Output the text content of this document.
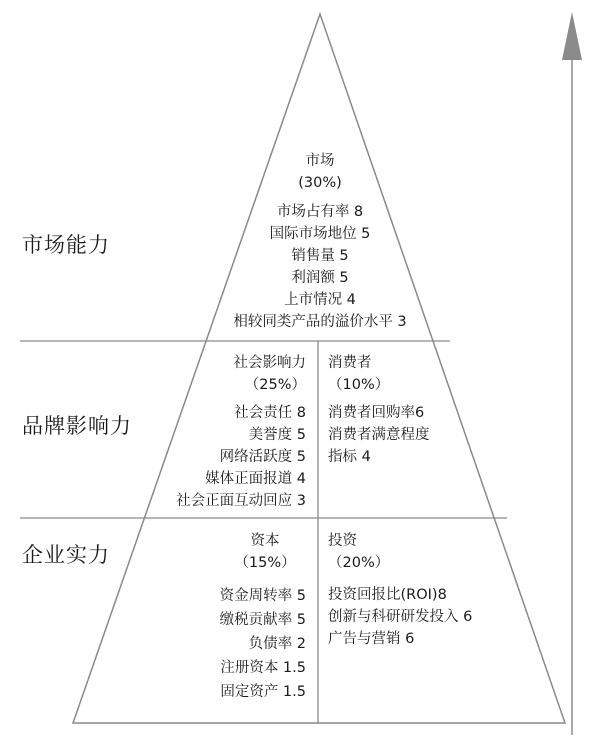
市场能力
品牌影响力
企业实力
市场
(30%)
市场占有率 8
国际市场地位 5
销售量 5
利润额 5
上市情况 4
相较同类产品的溢价水平 3
社会影响力
（25%）
社会责任 8
美誉度 5
网络活跃度 5
媒体正面报道 4
社会正面互动回应 3
消费者
（10%）
消费者回购率6
消费者满意程度
指标 4
资本
（15%）
资金周转率 5
缴税贡献率 5
负债率 2
注册资本 1.5
固定资产 1.5
投资
（20%）
投资回报比(ROI)8
创新与科研研发投入 6
广告与营销 6
